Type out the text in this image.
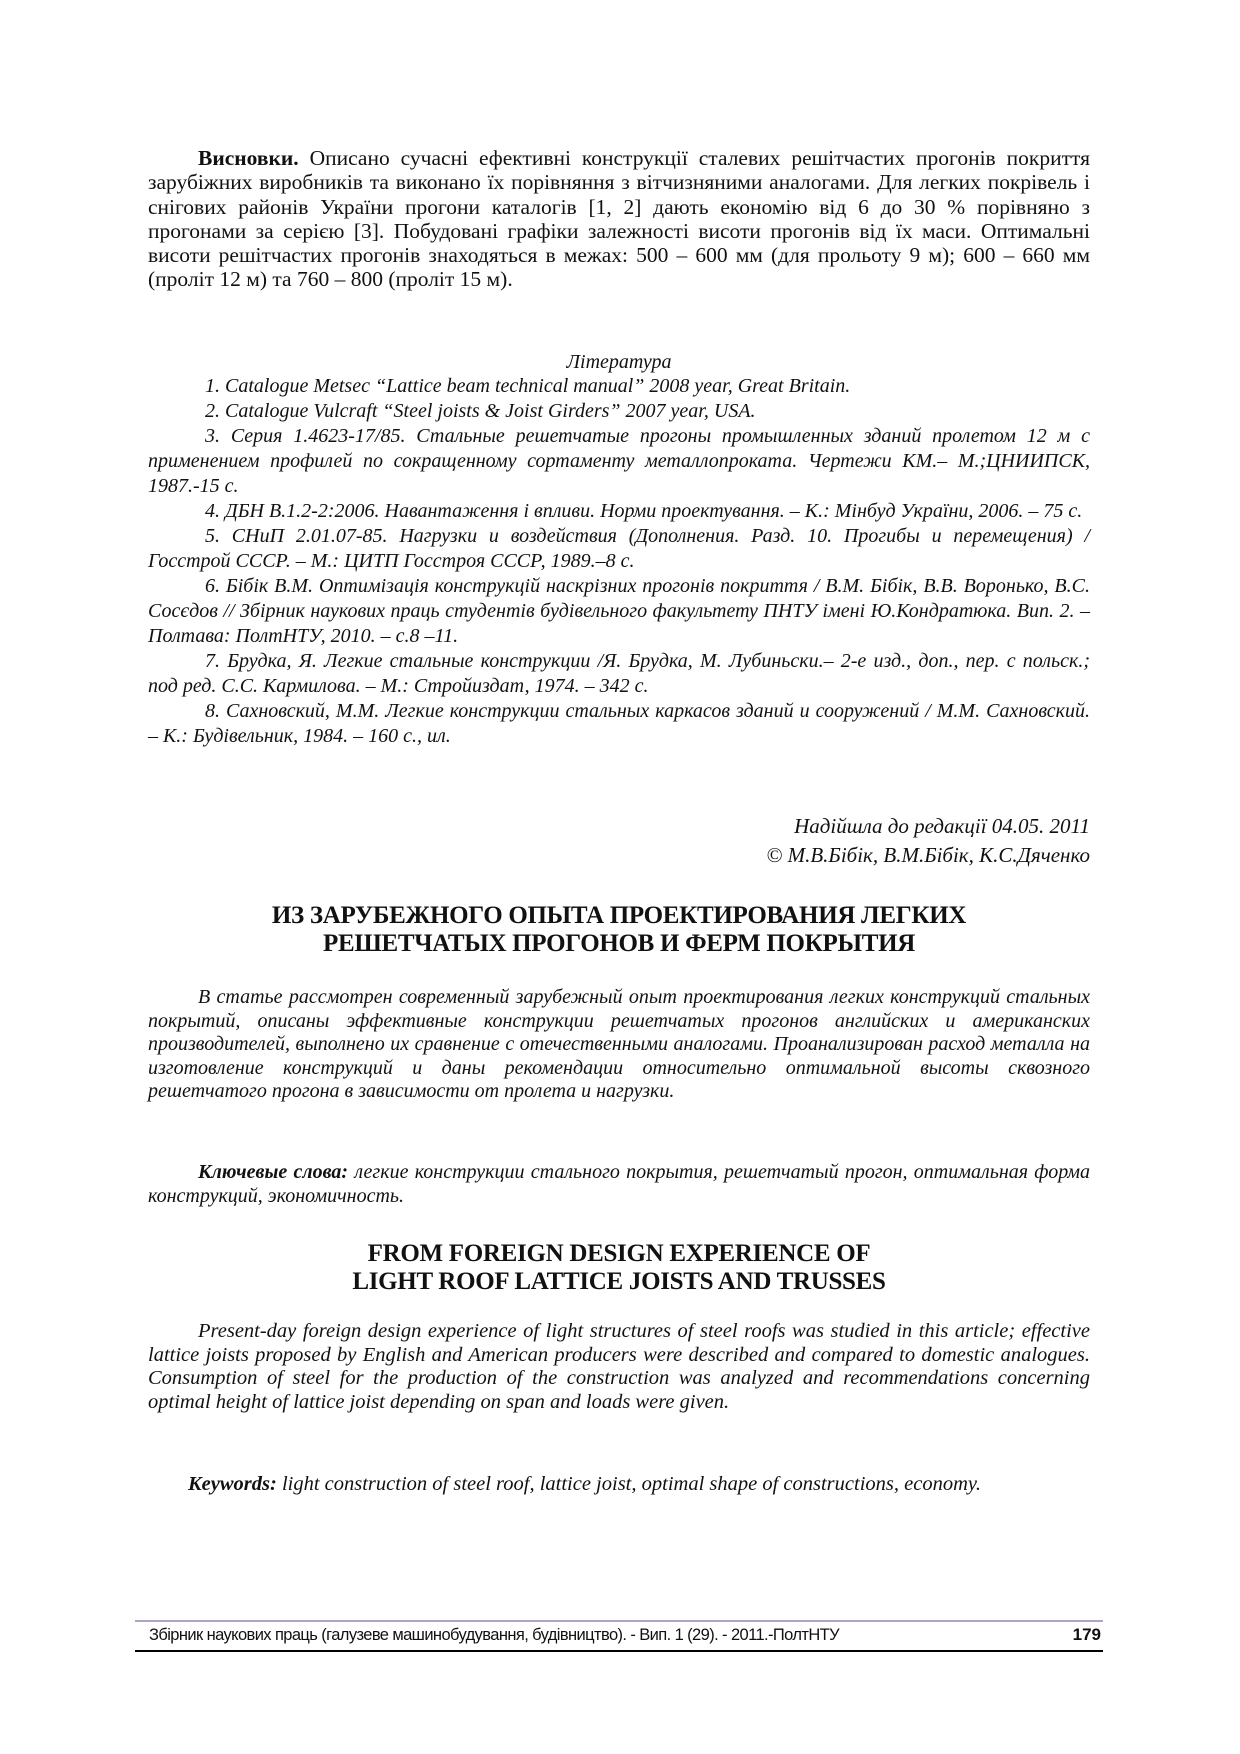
Висновки. Описано сучасні ефективні конструкції сталевих решітчастих прогонів покриття зарубіжних виробників та виконано їх порівняння з вітчизняними аналогами. Для легких покрівель і снігових районів України прогони каталогів [1, 2] дають економію від 6 до 30 % порівняно з прогонами за серією [3]. Побудовані графіки залежності висоти прогонів від їх маси. Оптимальні висоти решітчастих прогонів знаходяться в межах: 500 – 600 мм (для прольоту 9 м); 600 – 660 мм (проліт 12 м) та 760 – 800 (проліт 15 м).

Література

1. Catalogue Metsec “Lattice beam technical manual” 2008 year, Great Britain.

2. Catalogue Vulcraft “Steel joists & Joist Girders” 2007 year, USA.

3. Серия 1.4623-17/85. Стальные решетчатые прогоны промышленных зданий пролетом 12 м с применением профилей по сокращенному сортаменту металлопроката. Чертежи КМ.– М.;ЦНИИПСК, 1987.-15 с.

4. ДБН В.1.2-2:2006. Навантаження і впливи. Норми проектування. – К.: Мінбуд України, 2006. – 75 с.

5. СНиП 2.01.07-85. Нагрузки и воздействия (Дополнения. Разд. 10. Прогибы и перемещения) /Госстрой СССР. – М.: ЦИТП Госстроя СССР, 1989.–8 с.

6. Бібік В.М. Оптимізація конструкцій наскрізних прогонів покриття / В.М. Бібік, В.В. Воронько, В.С. Сосєдов // Збірник наукових праць студентів будівельного факультету ПНТУ імені Ю.Кондратюка. Вип. 2. – Полтава: ПолтНТУ, 2010. – с.8 –11.

7. Брудка, Я. Легкие стальные конструкции /Я. Брудка, М. Лубиньски.– 2-е изд., доп., пер. с польск.; под ред. С.С. Кармилова. – М.: Стройиздат, 1974. – 342 с.

8. Сахновский, М.М. Легкие конструкции стальных каркасов зданий и сооружений / М.М. Сахновский. – К.: Будівельник, 1984. – 160 с., ил.

Надійшла до редакції 04.05. 2011
© М.В.Бібік, В.М.Бібік, К.С.Дяченко
ИЗ ЗАРУБЕЖНОГО ОПЫТА ПРОЕКТИРОВАНИЯ ЛЕГКИХ
РЕШЕТЧАТЫХ ПРОГОНОВ И ФЕРМ ПОКРЫТИЯ

В статье рассмотрен современный зарубежный опыт проектирования легких конструкций стальных покрытий, описаны эффективные конструкции решетчатых прогонов английских и американских производителей, выполнено их сравнение с отечественными аналогами. Проанализирован расход металла на изготовление конструкций и даны рекомендации относительно оптимальной высоты сквозного решетчатого прогона в зависимости от пролета и нагрузки.

Ключевые слова: легкие конструкции стального покрытия, решетчатый прогон, оптимальная форма конструкций, экономичность.

FROM FOREIGN DESIGN EXPERIENCE OF
LIGHT ROOF LATTICE JOISTS AND TRUSSES

Present-day foreign design experience of light structures of steel roofs was studied in this article; effective lattice joists proposed by English and American producers were described and compared to domestic analogues. Consumption of steel for the production of the construction was analyzed and recommendations concerning optimal height of lattice joist depending on span and loads were given.

Keywords: light construction of steel roof, lattice joist, optimal shape of constructions, economy.

Збірник наукових праць (галузеве машинобудування, будівництво). - Вип. 1 (29). - 2011.-ПолтНТУ	179
